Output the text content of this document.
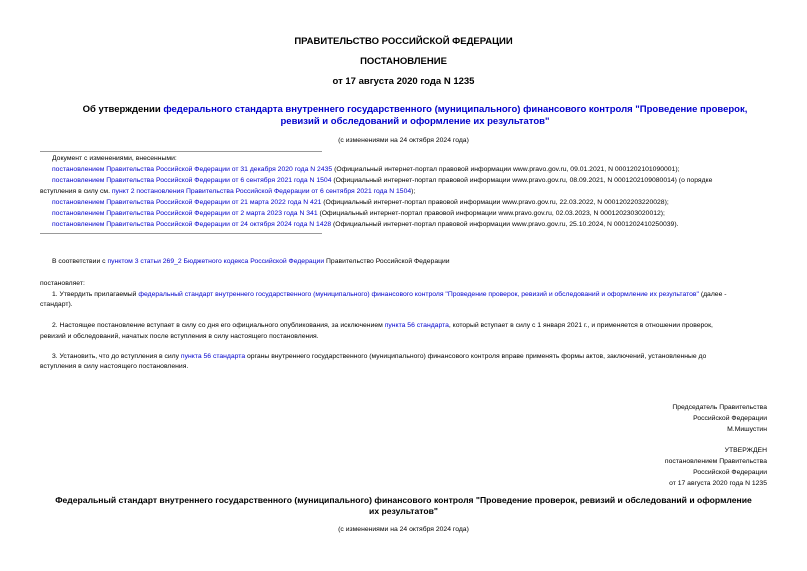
ПРАВИТЕЛЬСТВО РОССИЙСКОЙ ФЕДЕРАЦИИ
ПОСТАНОВЛЕНИЕ
от 17 августа 2020 года N 1235
Об утверждении федерального стандарта внутреннего государственного (муниципального) финансового контроля "Проведение проверок, ревизий и обследований и оформление их результатов"
(с изменениями на 24 октября 2024 года)
Документ с изменениями, внесенными:
постановлением Правительства Российской Федерации от 31 декабря 2020 года N 2435 (Официальный интернет-портал правовой информации www.pravo.gov.ru, 09.01.2021, N 0001202101090001);
постановлением Правительства Российской Федерации от 6 сентября 2021 года N 1504 (Официальный интернет-портал правовой информации www.pravo.gov.ru, 08.09.2021, N 0001202109080014) (о порядке
вступления в силу см. пункт 2 постановления Правительства Российской Федерации от 6 сентября 2021 года N 1504);
постановлением Правительства Российской Федерации от 21 марта 2022 года N 421 (Официальный интернет-портал правовой информации www.pravo.gov.ru, 22.03.2022, N 0001202203220028);
постановлением Правительства Российской Федерации от 2 марта 2023 года N 341 (Официальный интернет-портал правовой информации www.pravo.gov.ru, 02.03.2023, N 0001202303020012);
постановлением Правительства Российской Федерации от 24 октября 2024 года N 1428 (Официальный интернет-портал правовой информации www.pravo.gov.ru, 25.10.2024, N 0001202410250039).
В соответствии с пунктом 3 статьи 269_2 Бюджетного кодекса Российской Федерации Правительство Российской Федерации
постановляет:
1. Утвердить прилагаемый федеральный стандарт внутреннего государственного (муниципального) финансового контроля "Проведение проверок, ревизий и обследований и оформление их результатов" (далее -
стандарт).
2. Настоящее постановление вступает в силу со дня его официального опубликования, за исключением пункта 56 стандарта, который вступает в силу с 1 января 2021 г., и применяется в отношении проверок,
ревизий и обследований, начатых после вступления в силу настоящего постановления.
3. Установить, что до вступления в силу пункта 56 стандарта органы внутреннего государственного (муниципального) финансового контроля вправе применять формы актов, заключений, установленные до
вступления в силу настоящего постановления.
Председатель Правительства
Российской Федерации
М.Мишустин
УТВЕРЖДЕН
постановлением Правительства
Российской Федерации
от 17 августа 2020 года N 1235
Федеральный стандарт внутреннего государственного (муниципального) финансового контроля "Проведение проверок, ревизий и обследований и оформление
их результатов"
(с изменениями на 24 октября 2024 года)
